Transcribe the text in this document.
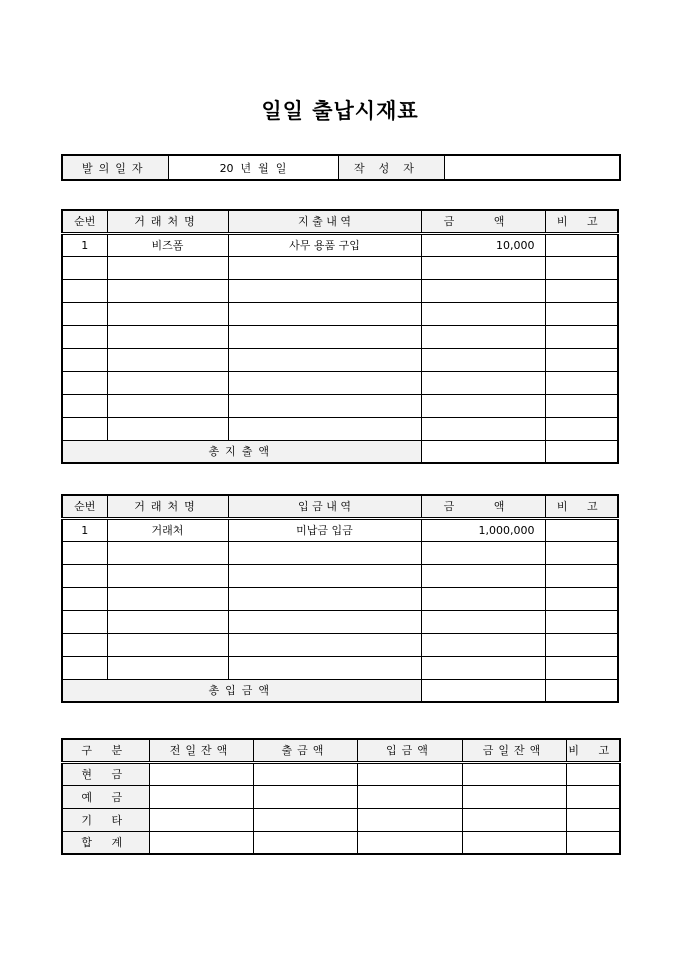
일일 출납시재표
발의일자	20  년  월  일	작성자	
순번	거래처명	지 출 내 역	금 액	비 고
1	비즈폼	사무 용품 구입	10,000	

총지출액				
순번	거래처명	입 금 내 역	금 액	비 고
1	거래처	미납금 입금	1,000,000	

총입금액				
구 분	전일잔액	출금액	입금액	금일잔액	비 고
현 금					
예 금					
기 타					
합 계					
